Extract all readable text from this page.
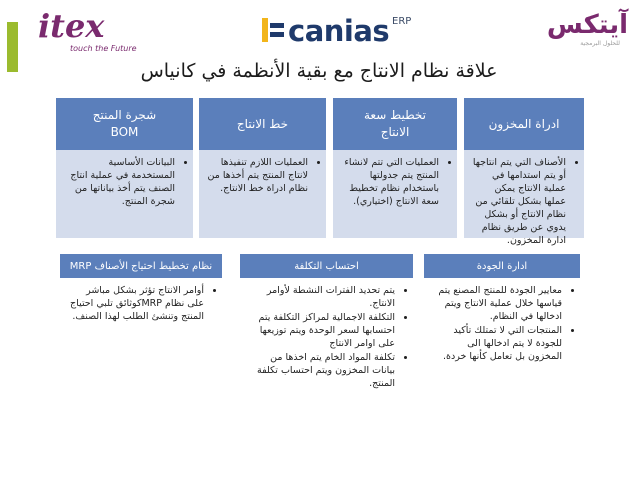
itex
touch the Future
canias ERP	آيتكس
للحلول البرمجية
علاقة نظام الانتاج مع بقية الأنظمة في كانياس
ادراة المخزون
• الأصناف التي يتم انتاجها أو يتم استدامها في عملية الانتاج يمكن عملها بشكل تلقائي من نظام الانتاج أو بشكل يدوي عن طريق نظام ادارة المخزون.
تخطيط سعة
الانتاج
• العمليات التي تتم لانشاء المنتج يتم جدولتها باستخدام نظام تخطيط سعة الانتاج (اختياري).
خط الانتاج
• العمليات اللازم تنفيذها لانتاج المنتج يتم أخذها من نظام ادراة خط الانتاج.
شجرة المنتج
BOM
• البيانات الأساسية المستخدمة في عملية انتاج الصنف يتم أخذ بياناتها من شجرة المنتج.
ادارة الجودة
• معايير الجودة للمنتج المصنع يتم قياسها خلال عملية الانتاج ويتم ادخالها في النظام.
• المنتجات التي لا تمتلك تأكيد للجودة لا يتم ادخالها الى المخزون بل تعامل كأنها خردة.
احتساب التكلفة
• يتم تحديد الفترات النشطة لأوامر الانتاج.
• التكلفة الاجمالية لمراكز التكلفة يتم احتسابها لسعر الوحدة ويتم توزيعها على اوامر الانتاج
• تكلفة المواد الخام يتم اخذها من بيانات المخزون ويتم احتساب تكلفة المنتج.
نظام تخطيط احتياج الأصناف MRP
• أوامر الانتاج تؤثر بشكل مباشر على نظام MRPكوثائق تلبي احتياج المنتج وتنشئ الطلب لهذا الصنف.
